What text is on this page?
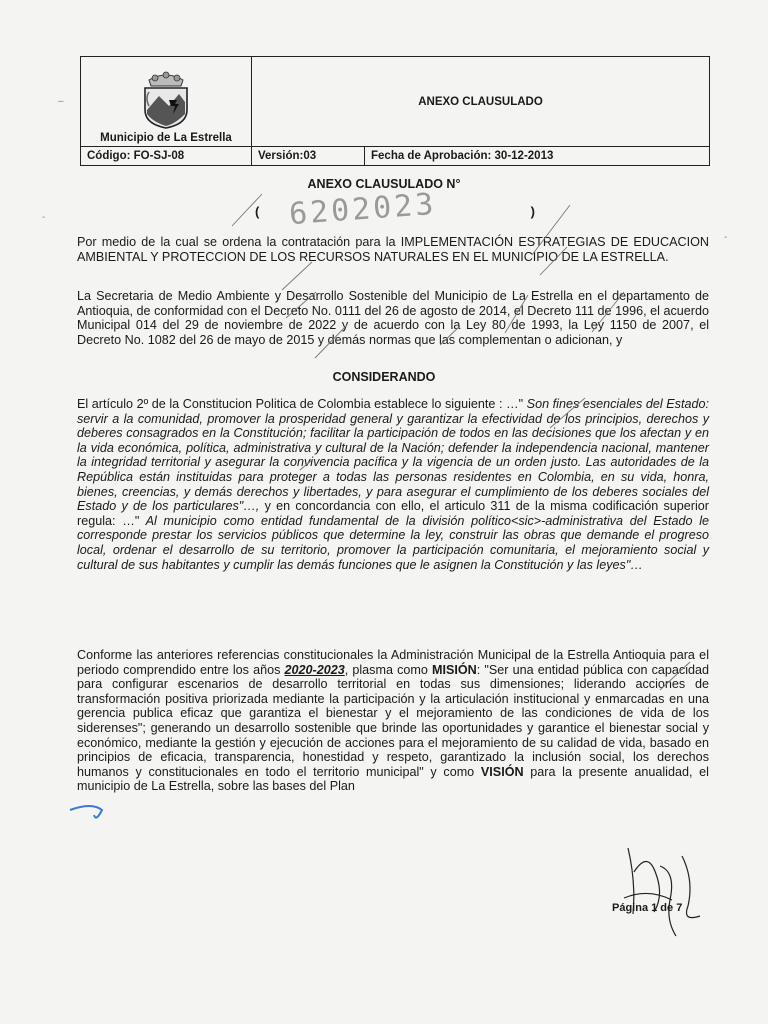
Municipio de La Estrella	ANEXO CLAUSULADO	
Código: FO-SJ-08	Versión:03	Fecha de Aprobación: 30-12-2013
ANEXO CLAUSULADO N°
( 6202023	)

Por medio de la cual se ordena la contratación para la IMPLEMENTACIÓN ESTRATEGIAS DE EDUCACION AMBIENTAL Y PROTECCION DE LOS RECURSOS NATURALES EN EL MUNICIPIO DE LA ESTRELLA.

La Secretaria de Medio Ambiente y Desarrollo Sostenible del Municipio de La Estrella en el departamento de Antioquia, de conformidad con el Decreto No. 0111 del 26 de agosto de 2014, el Decreto 111 de 1996, el acuerdo Municipal 014 del 29 de noviembre de 2022 y de acuerdo con la Ley 80 de 1993, la Ley 1150 de 2007, el Decreto No. 1082 del 26 de mayo de 2015 y demás normas que las complementan o adicionan, y

CONSIDERANDO

El artículo 2º de la Constitucion Politica de Colombia establece lo siguiente : …" Son fines esenciales del Estado: servir a la comunidad, promover la prosperidad general y garantizar la efectividad de los principios, derechos y deberes consagrados en la Constitución; facilitar la participación de todos en las decisiones que los afectan y en la vida económica, política, administrativa y cultural de la Nación; defender la independencia nacional, mantener la integridad territorial y asegurar la convivencia pacífica y la vigencia de un orden justo. Las autoridades de la República están instituidas para proteger a todas las personas residentes en Colombia, en su vida, honra, bienes, creencias, y demás derechos y libertades, y para asegurar el cumplimiento de los deberes sociales del Estado y de los particulares"…, y en concordancia con ello, el articulo 311 de la misma codificación superior regula: …" Al municipio como entidad fundamental de la división político<sic>-administrativa del Estado le corresponde prestar los servicios públicos que determine la ley, construir las obras que demande el progreso local, ordenar el desarrollo de su territorio, promover la participación comunitaria, el mejoramiento social y cultural de sus habitantes y cumplir las demás funciones que le asignen la Constitución y las leyes"…

Conforme las anteriores referencias constitucionales la Administración Municipal de la Estrella Antioquia para el periodo comprendido entre los años 2020-2023, plasma como MISIÓN: "Ser una entidad pública con capacidad para configurar escenarios de desarrollo territorial en todas sus dimensiones; liderando acciones de transformación positiva priorizada mediante la participación y la articulación institucional y enmarcadas en una gerencia publica eficaz que garantiza el bienestar y el mejoramiento de las condiciones de vida de los siderenses"; generando un desarrollo sostenible que brinde las oportunidades y garantice el bienestar social y económico, mediante la gestión y ejecución de acciones para el mejoramiento de su calidad de vida, basado en principios de eficacia, transparencia, honestidad y respeto, garantizado la inclusión social, los derechos humanos y constitucionales en todo el territorio municipal" y como VISIÓN para la presente anualidad, el municipio de La Estrella, sobre las bases del Plan

Página 1 de 7
–
-
-
